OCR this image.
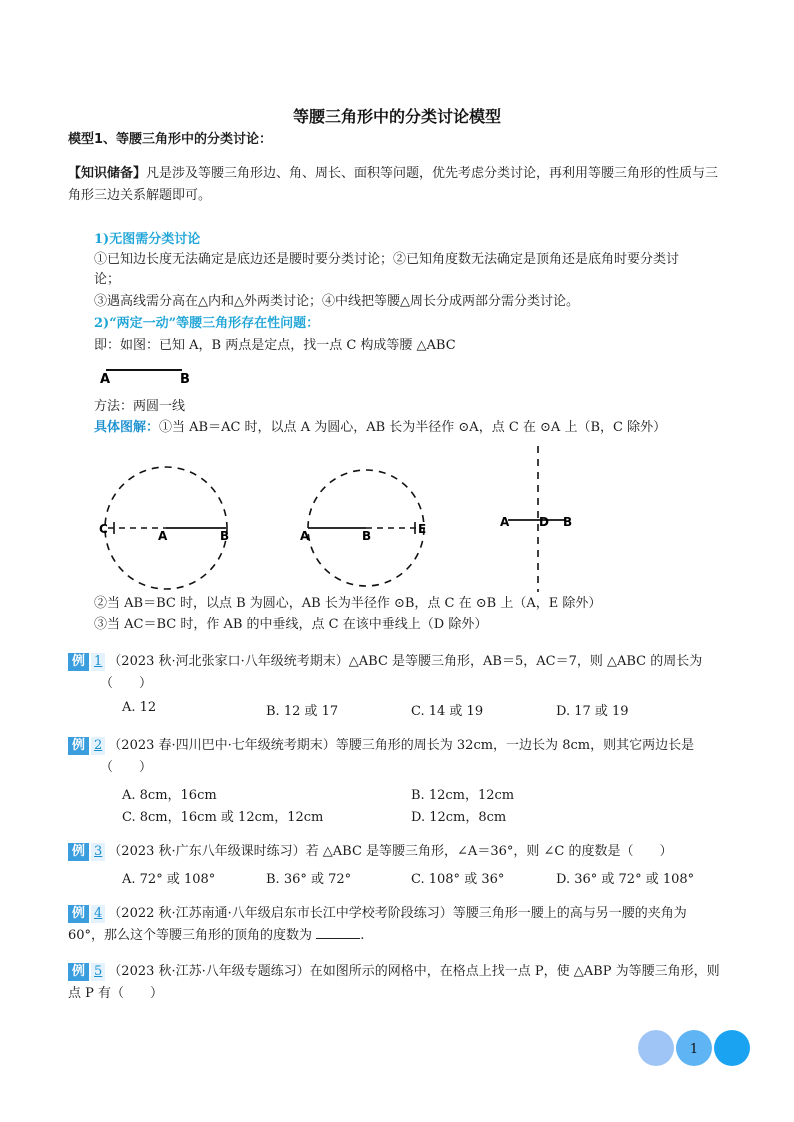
等腰三角形中的分类讨论模型
模型1、等腰三角形中的分类讨论：
【知识储备】凡是涉及等腰三角形边、角、周长、面积等问题，优先考虑分类讨论，再利用等腰三角形的性质与三
角形三边关系解题即可。
1)无图需分类讨论
①已知边长度无法确定是底边还是腰时要分类讨论；②已知角度数无法确定是顶角还是底角时要分类讨
论；
③遇高线需分高在△内和△外两类讨论；④中线把等腰△周长分成两部分需分类讨论。
2)“两定一动”等腰三角形存在性问题：
即：如图：已知 A，B 两点是定点，找一点 C 构成等腰 △ABC
A	B
方法：两圆一线
具体图解：①当 AB＝AC 时，以点 A 为圆心，AB 长为半径作 ⊙A，点 C 在 ⊙A 上（B，C 除外）
C	A	B	A	B	E	A D B
②当 AB＝BC 时，以点 B 为圆心，AB 长为半径作 ⊙B，点 C 在 ⊙B 上（A，E 除外）
③当 AC＝BC 时，作 AB 的中垂线，点 C 在该中垂线上（D 除外）
例 1 （2023 秋·河北张家口·八年级统考期末）△ABC 是等腰三角形，AB＝5，AC＝7，则 △ABC 的周长为
（　　）
A. 12	B. 12 或 17	C. 14 或 19	D. 17 或 19
例 2 （2023 春·四川巴中·七年级统考期末）等腰三角形的周长为 32cm，一边长为 8cm，则其它两边长是
（　　）
A. 8cm，16cm	B. 12cm，12cm
C. 8cm，16cm 或 12cm，12cm	D. 12cm，8cm
例 3 （2023 秋·广东八年级课时练习）若 △ABC 是等腰三角形，∠A＝36°，则 ∠C 的度数是（　　）
A. 72° 或 108°	B. 36° 或 72°	C. 108° 或 36°	D. 36° 或 72° 或 108°
例 4 （2022 秋·江苏南通·八年级启东市长江中学校考阶段练习）等腰三角形一腰上的高与另一腰的夹角为
60°，那么这个等腰三角形的顶角的度数为	.
例 5 （2023 秋·江苏·八年级专题练习）在如图所示的网格中，在格点上找一点 P，使 △ABP 为等腰三角形，则
点 P 有（　　）
1
